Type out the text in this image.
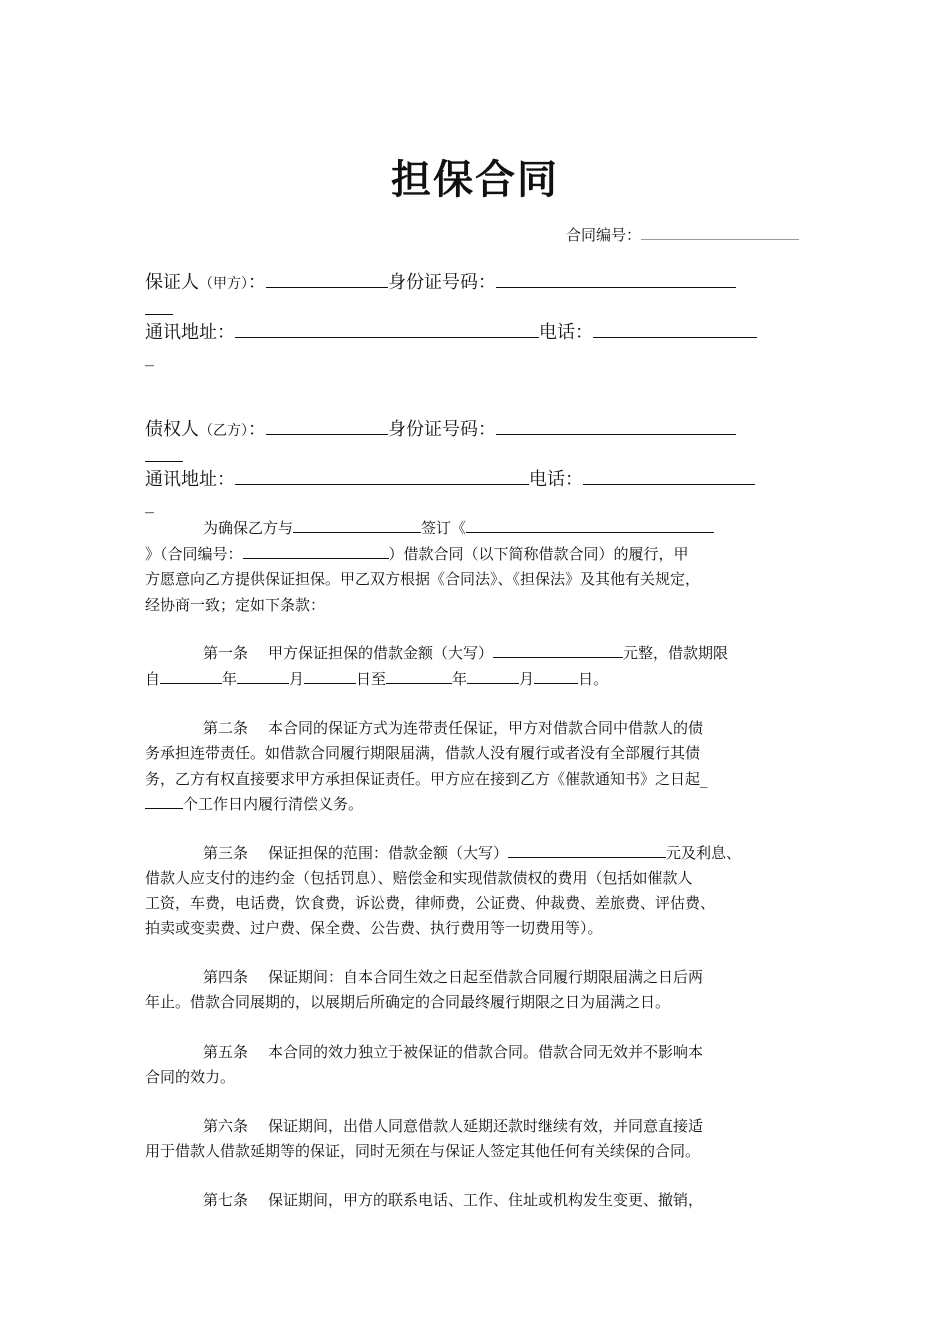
担保合同
合同编号：
保证人（甲方）：	身份证号码：
通讯地址：	电话：
_
债权人（乙方）：	身份证号码：
通讯地址：	电话：
_
为确保乙方与	签订《
》（合同编号：	）借款合同（以下简称借款合同）的履行，甲
方愿意向乙方提供保证担保。甲乙双方根据《合同法》、《担保法》及其他有关规定，
经协商一致；定如下条款：
第一条 甲方保证担保的借款金额（大写）	元整，借款期限
自	年	月	日至	年	月	日。
第二条 本合同的保证方式为连带责任保证，甲方对借款合同中借款人的债
务承担连带责任。如借款合同履行期限届满，借款人没有履行或者没有全部履行其债
务，乙方有权直接要求甲方承担保证责任。甲方应在接到乙方《催款通知书》之日起_
个工作日内履行清偿义务。
第三条 保证担保的范围：借款金额（大写）	元及利息、
借款人应支付的违约金（包括罚息）、赔偿金和实现借款债权的费用（包括如催款人
工资，车费，电话费，饮食费，诉讼费，律师费，公证费、仲裁费、差旅费、评估费、
拍卖或变卖费、过户费、保全费、公告费、执行费用等一切费用等）。
第四条 保证期间：自本合同生效之日起至借款合同履行期限届满之日后两
年止。借款合同展期的，以展期后所确定的合同最终履行期限之日为届满之日。
第五条 本合同的效力独立于被保证的借款合同。借款合同无效并不影响本
合同的效力。
第六条 保证期间，出借人同意借款人延期还款时继续有效，并同意直接适
用于借款人借款延期等的保证，同时无须在与保证人签定其他任何有关续保的合同。
第七条 保证期间，甲方的联系电话、工作、住址或机构发生变更、撤销，
